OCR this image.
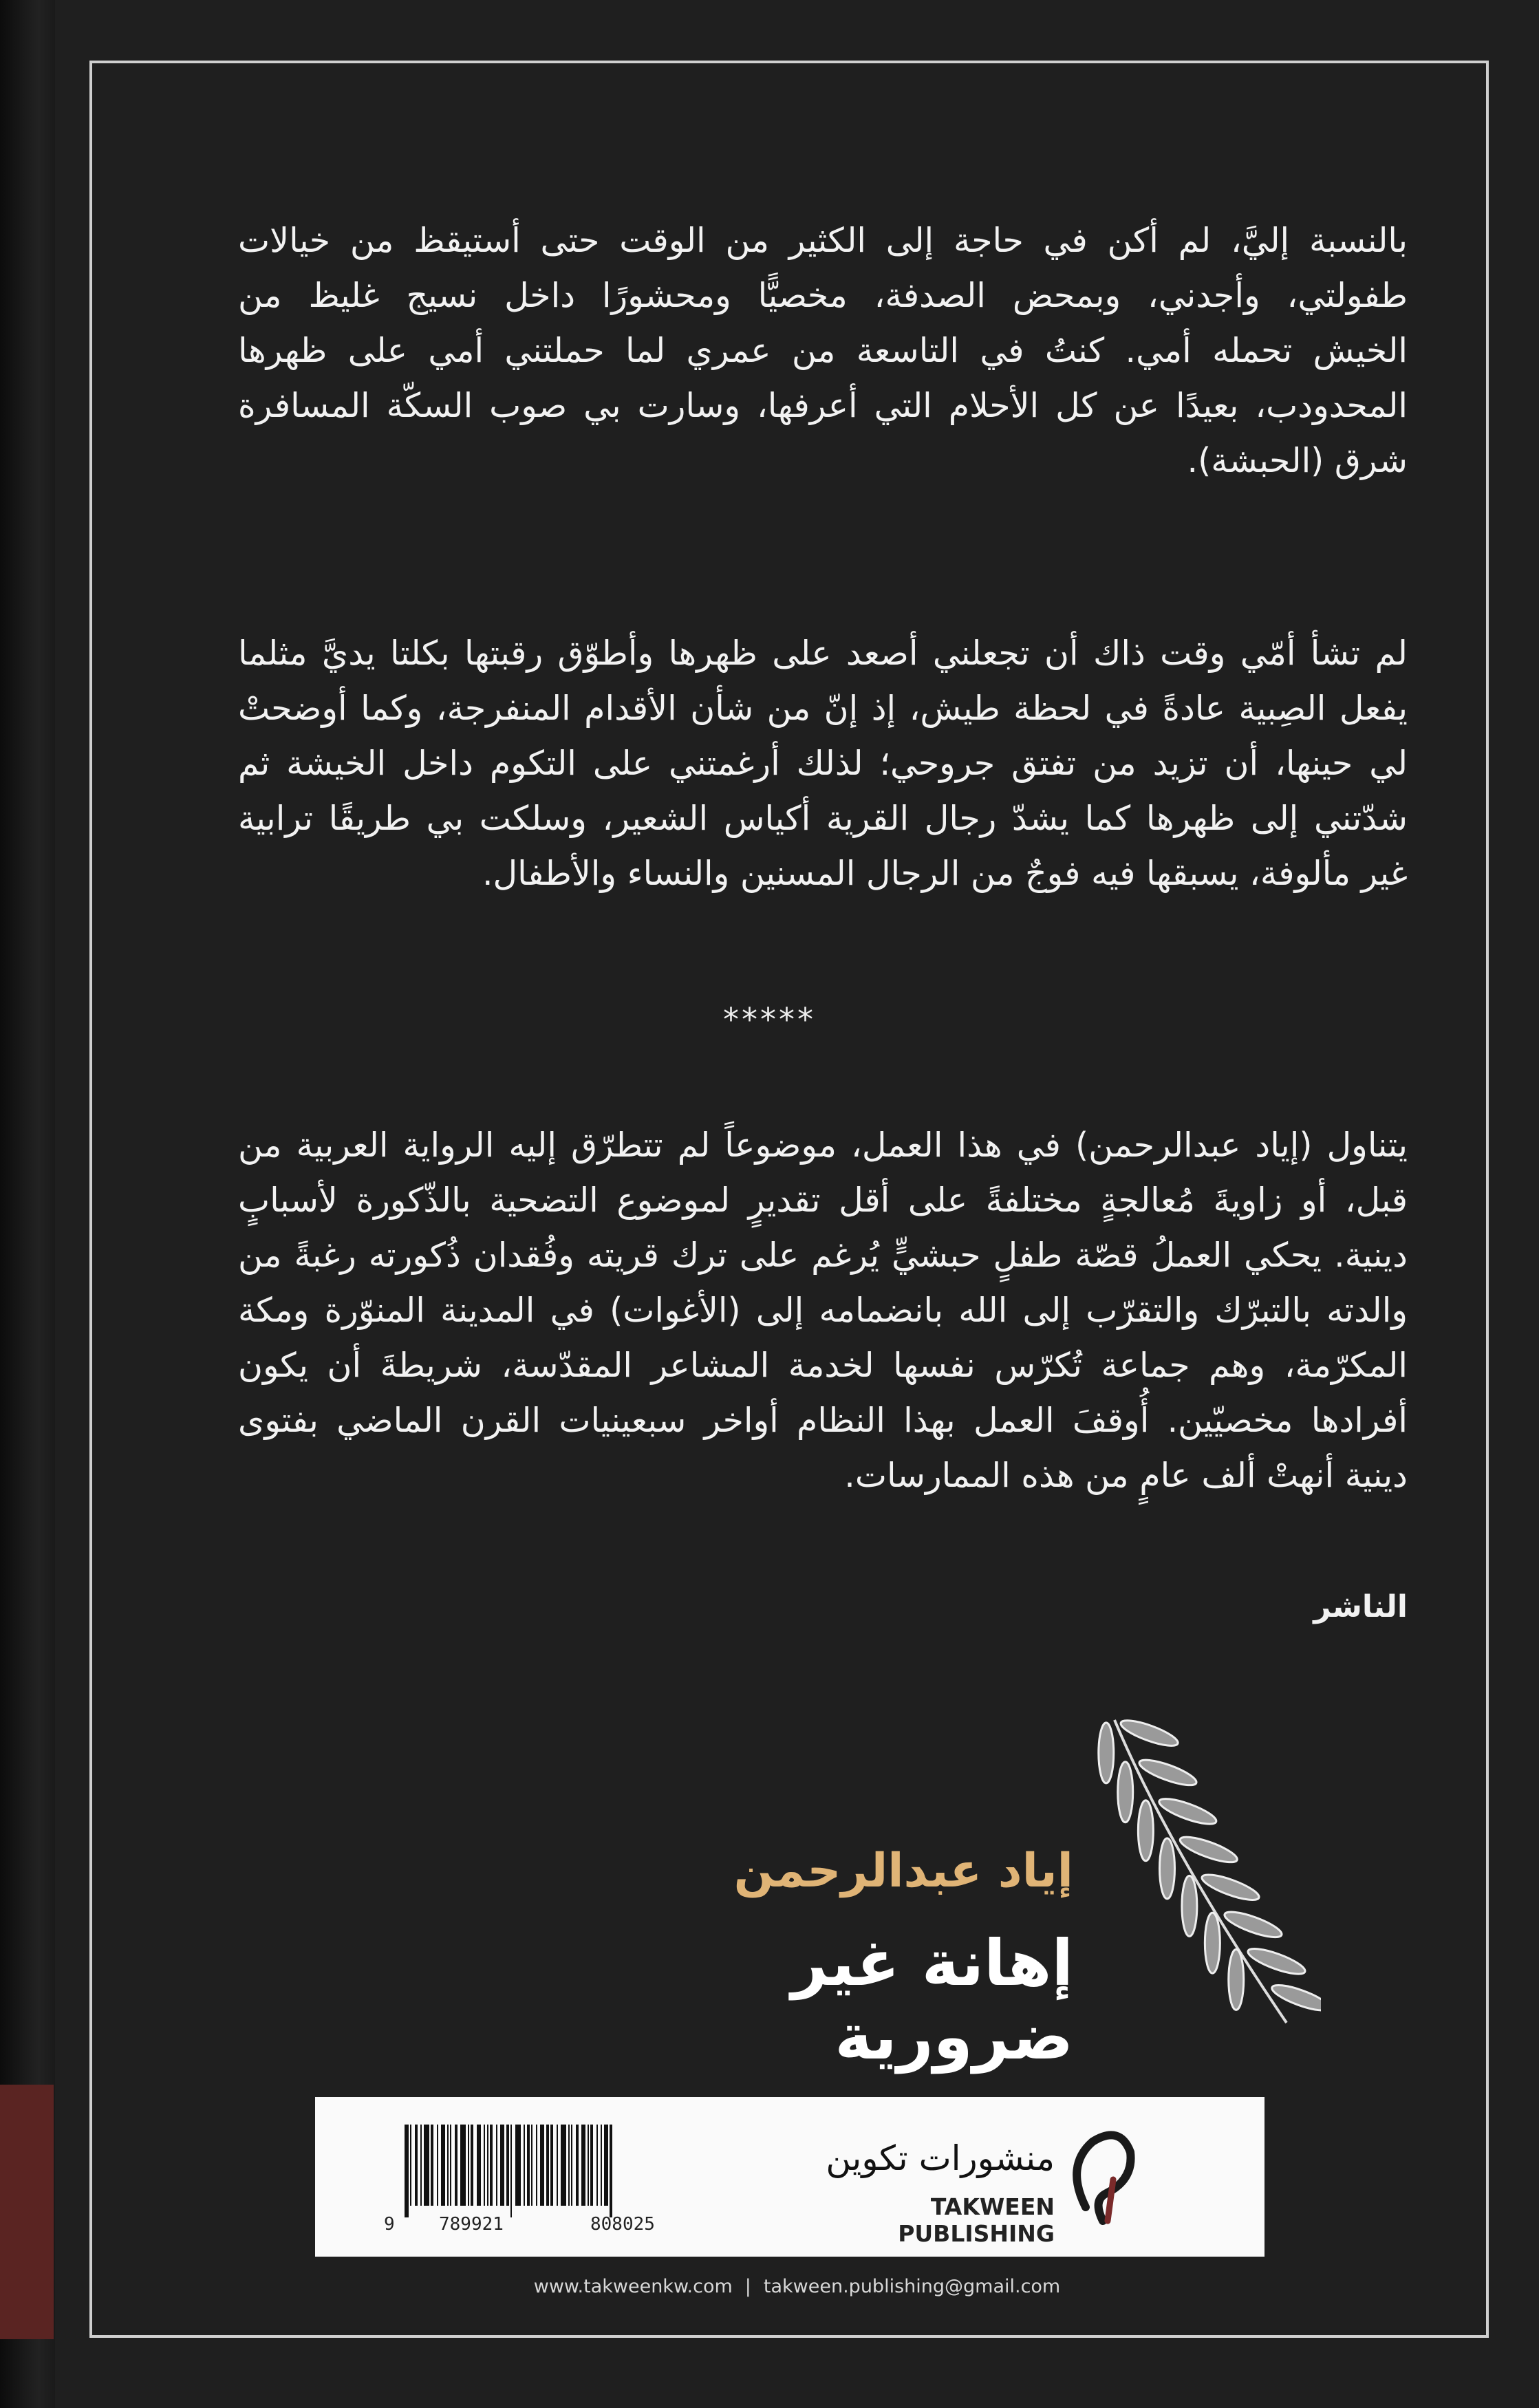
بالنسبة إليَّ، لم أكن في حاجة إلى الكثير من الوقت حتى أستيقظ من خيالات
طفولتي، وأجدني، وبمحض الصدفة، مخصيًّا ومحشورًا داخل نسيج غليظ من
الخيش تحمله أمي. كنتُ في التاسعة من عمري لما حملتني أمي على ظهرها
المحدودب، بعيدًا عن كل الأحلام التي أعرفها، وسارت بي صوب السكّة المسافرة
شرق (الحبشة).
لم تشأ أمّي وقت ذاك أن تجعلني أصعد على ظهرها وأطوّق رقبتها بكلتا يديَّ مثلما
يفعل الصِبية عادةً في لحظة طيش، إذ إنّ من شأن الأقدام المنفرجة، وكما أوضحتْ
لي حينها، أن تزيد من تفتق جروحي؛ لذلك أرغمتني على التكوم داخل الخيشة ثم
شدّتني إلى ظهرها كما يشدّ رجال القرية أكياس الشعير، وسلكت بي طريقًا ترابية
غير مألوفة، يسبقها فيه فوجٌ من الرجال المسنين والنساء والأطفال.
*****
يتناول (إياد عبدالرحمن) في هذا العمل، موضوعاً لم تتطرّق إليه الرواية العربية من
قبل، أو زاويةَ مُعالجةٍ مختلفةً على أقل تقديرٍ لموضوع التضحية بالذّكورة لأسبابٍ
دينية. يحكي العملُ قصّة طفلٍ حبشيٍّ يُرغم على ترك قريته وفُقدان ذُكورته رغبةً من
والدته بالتبرّك والتقرّب إلى الله بانضمامه إلى (الأغوات) في المدينة المنوّرة ومكة
المكرّمة، وهم جماعة تُكرّس نفسها لخدمة المشاعر المقدّسة، شريطةَ أن يكون
أفرادها مخصيّين. أُوقفَ العمل بهذا النظام أواخر سبعينيات القرن الماضي بفتوى
دينية أنهتْ ألف عامٍ من هذه الممارسات.
الناشر
إياد عبدالرحمن
إهانة غير ضرورية
9 789921	808025
منشورات تكوين
TAKWEEN PUBLISHING
www.takweenkw.com | takween.publishing@gmail.com
